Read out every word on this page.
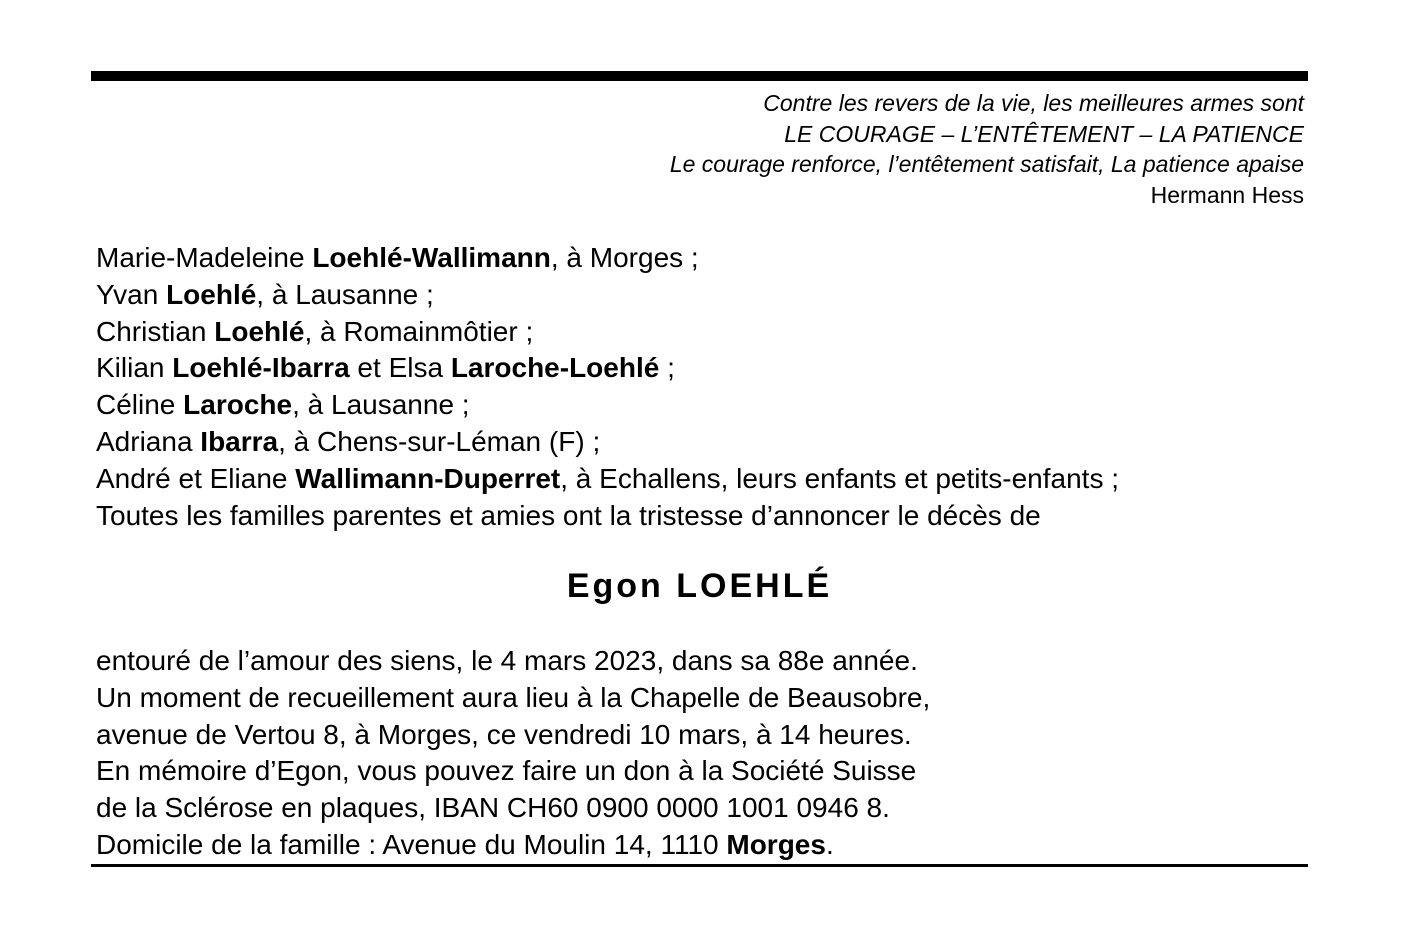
Contre les revers de la vie, les meilleures armes sont
LE COURAGE – L’ENTÊTEMENT – LA PATIENCE
Le courage renforce, l’entêtement satisfait, La patience apaise
Hermann Hess
Marie-Madeleine Loehlé-Wallimann, à Morges ;
Yvan Loehlé, à Lausanne ;
Christian Loehlé, à Romainmôtier ;
Kilian Loehlé-Ibarra et Elsa Laroche-Loehlé ;
Céline Laroche, à Lausanne ;
Adriana Ibarra, à Chens-sur-Léman (F) ;
André et Eliane Wallimann-Duperret, à Echallens, leurs enfants et petits-enfants ;
Toutes les familles parentes et amies ont la tristesse d’annoncer le décès de
Egon LOEHLÉ
entouré de l’amour des siens, le 4 mars 2023, dans sa 88e année.
Un moment de recueillement aura lieu à la Chapelle de Beausobre,
avenue de Vertou 8, à Morges, ce vendredi 10 mars, à 14 heures.
En mémoire d’Egon, vous pouvez faire un don à la Société Suisse
de la Sclérose en plaques, IBAN CH60 0900 0000 1001 0946 8.
Domicile de la famille : Avenue du Moulin 14, 1110 Morges.
